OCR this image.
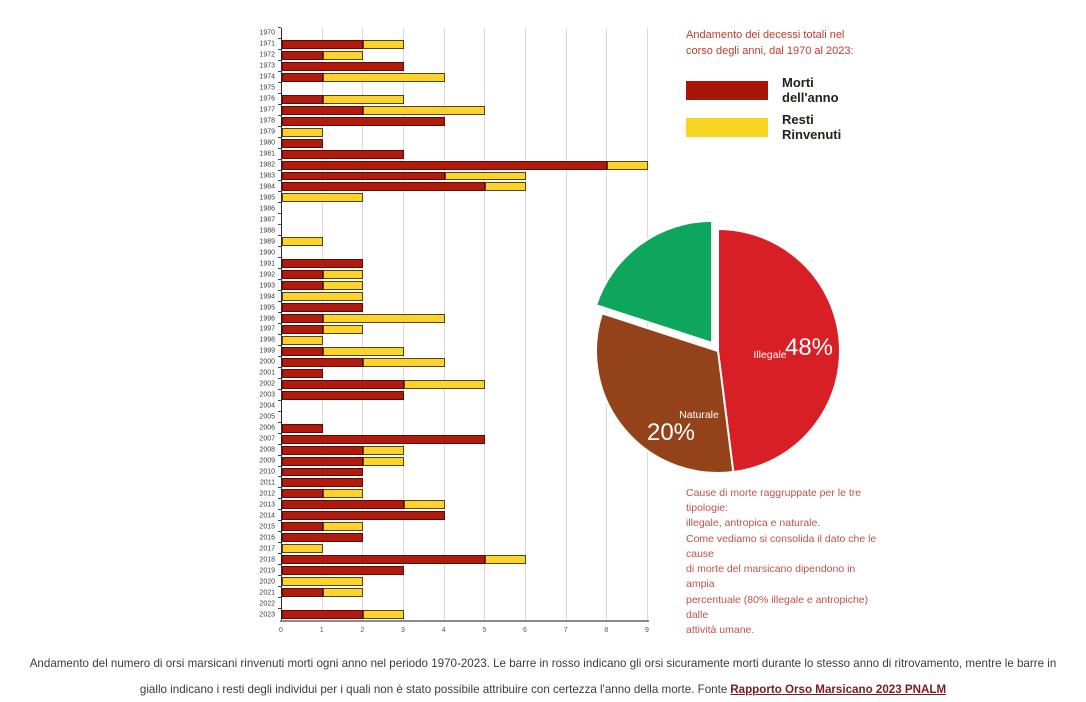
0	1	2	3	4	5	6	7	8	9
1970
1971
1972
1973
1974
1975
1976
1977
1978
1979
1980
1981
1982
1983
1984
1985
1986
1987
1988
1989
1990
1991
1992
1993
1994
1995
1996
1997
1998
1999
2000
2001
2002
2003
2004
2005
2006
2007
2008
2009
2010
2011
2012
2013
2014
2015
2016
2017
2018
2019
2020
2021
2022
2023

Andamento dei decessi totali nel corso degli anni, dal 1970 al 2023:

Morti dell'anno
Resti Rinvenuti
48%
Illegale
20%
Naturale
Cause di morte raggruppate per le tre tipologie:
illegale, antropica e naturale.
Come vediamo si consolida il dato che le cause
di morte del marsicano dipendono in ampia
percentuale (80% illegale e antropiche) dalle
attività umane.

Andamento del numero di orsi marsicani rinvenuti morti ogni anno nel periodo 1970-2023. Le barre in rosso indicano gli orsi sicuramente morti durante lo stesso anno di ritrovamento, mentre le barre in giallo indicano i resti degli individui per i quali non è stato possibile attribuire con certezza l'anno della morte. Fonte Rapporto Orso Marsicano 2023 PNALM
